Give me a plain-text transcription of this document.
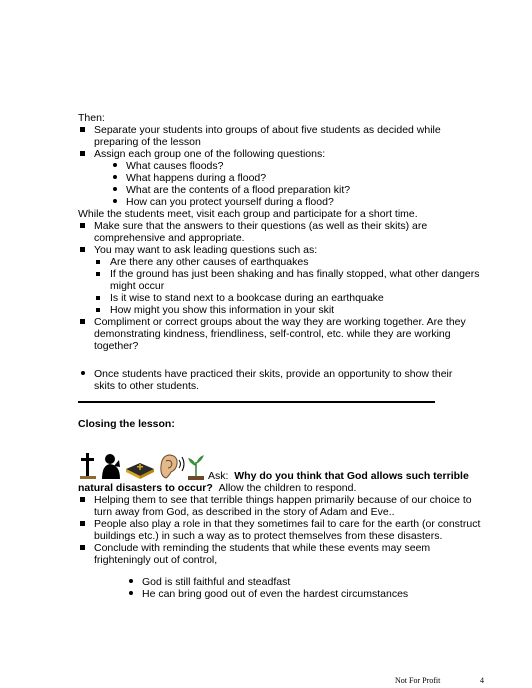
Then:
Separate your students into groups of about five students as decided while
preparing of the lesson
Assign each group one of the following questions:
What causes floods?
What happens during a flood?
What are the contents of a flood preparation kit?
How can you protect yourself during a flood?
While the students meet, visit each group and participate for a short time.
Make sure that the answers to their questions (as well as their skits) are
comprehensive and appropriate.
You may want to ask leading questions such as:
Are there any other causes of earthquakes
If the ground has just been shaking and has finally stopped, what other dangers
might occur
Is it wise to stand next to a bookcase during an earthquake
How might you show this information in your skit
Compliment or correct groups about the way they are working together. Are they
demonstrating kindness, friendliness, self-control, etc. while they are working
together?
Once students have practiced their skits, provide an opportunity to show their
skits to other students.
Closing the lesson:
Ask: Why do you think that God allows such terrible
natural disasters to occur? Allow the children to respond.
Helping them to see that terrible things happen primarily because of our choice to
turn away from God, as described in the story of Adam and Eve..
People also play a role in that they sometimes fail to care for the earth (or construct
buildings etc.) in such a way as to protect themselves from these disasters.
Conclude with reminding the students that while these events may seem
frighteningly out of control,
God is still faithful and steadfast
He can bring good out of even the hardest circumstances
Not For Profit	4
